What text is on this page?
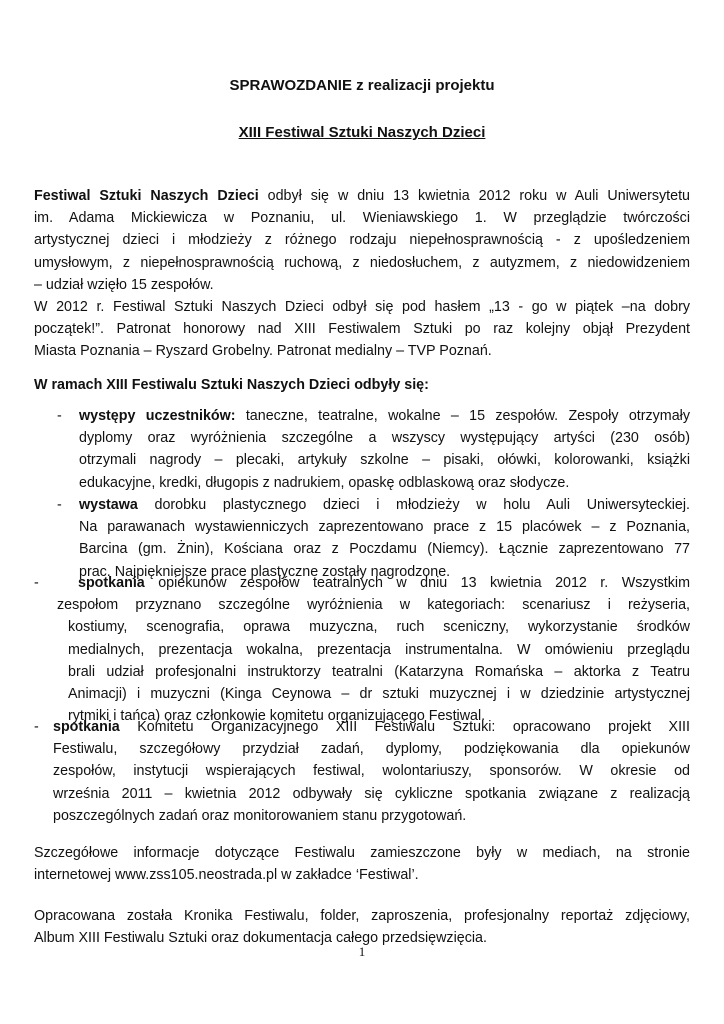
SPRAWOZDANIE z realizacji projektu
XIII Festiwal Sztuki Naszych Dzieci
Festiwal Sztuki Naszych Dzieci odbył się w dniu 13 kwietnia 2012 roku w Auli Uniwersytetu
im. Adama Mickiewicza w Poznaniu, ul. Wieniawskiego 1. W przeglądzie twórczości
artystycznej dzieci i młodzieży z różnego rodzaju niepełnosprawnością - z upośledzeniem
umysłowym, z niepełnosprawnością ruchową, z niedosłuchem, z autyzmem, z niedowidzeniem
– udział wzięło 15 zespołów.
W 2012 r. Festiwal Sztuki Naszych Dzieci odbył się pod hasłem „13 - go w piątek –na dobry
początek!”. Patronat honorowy nad XIII Festiwalem Sztuki po raz kolejny objął Prezydent
Miasta Poznania – Ryszard Grobelny. Patronat medialny – TVP Poznań.
W ramach XIII Festiwalu Sztuki Naszych Dzieci odbyły się:
- występy uczestników: taneczne, teatralne, wokalne – 15 zespołów. Zespoły otrzymały
dyplomy oraz wyróżnienia szczególne a wszyscy występujący artyści (230 osób)
otrzymali nagrody – plecaki, artykuły szkolne – pisaki, ołówki, kolorowanki, książki
edukacyjne, kredki, długopis z nadrukiem, opaskę odblaskową oraz słodycze.
- wystawa dorobku plastycznego dzieci i młodzieży w holu Auli Uniwersyteckiej.
Na parawanach wystawienniczych zaprezentowano prace z 15 placówek – z Poznania,
Barcina (gm. Żnin), Kościana oraz z Poczdamu (Niemcy). Łącznie zaprezentowano 77
prac. Najpiękniejsze prace plastyczne zostały nagrodzone.
-	spotkania opiekunów zespołów teatralnych w dniu 13 kwietnia 2012 r. Wszystkim
zespołom przyznano szczególne wyróżnienia w kategoriach: scenariusz i reżyseria,
kostiumy, scenografia, oprawa muzyczna, ruch sceniczny, wykorzystanie środków
medialnych, prezentacja wokalna, prezentacja instrumentalna. W omówieniu przeglądu
brali udział profesjonalni instruktorzy teatralni (Katarzyna Romańska – aktorka z Teatru
Animacji) i muzyczni (Kinga Ceynowa – dr sztuki muzycznej i w dziedzinie artystycznej
rytmiki i tańca) oraz członkowie komitetu organizującego Festiwal.
- spotkania Komitetu Organizacyjnego XIII Festiwalu Sztuki: opracowano projekt XIII
Festiwalu, szczegółowy przydział zadań, dyplomy, podziękowania dla opiekunów
zespołów, instytucji wspierających festiwal, wolontariuszy, sponsorów. W okresie od
września 2011 – kwietnia 2012 odbywały się cykliczne spotkania związane z realizacją
poszczególnych zadań oraz monitorowaniem stanu przygotowań.
Szczegółowe informacje dotyczące Festiwalu zamieszczone były w mediach, na stronie
internetowej www.zss105.neostrada.pl w zakładce ‘Festiwal’.
Opracowana została Kronika Festiwalu, folder, zaproszenia, profesjonalny reportaż zdjęciowy,
Album XIII Festiwalu Sztuki oraz dokumentacja całego przedsięwzięcia.
1
